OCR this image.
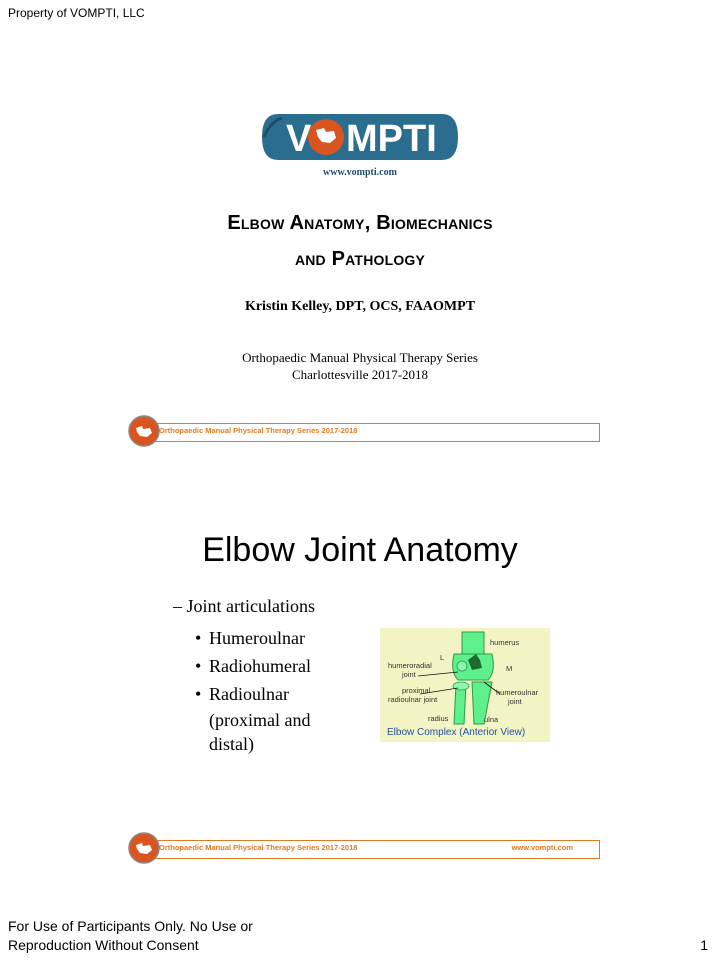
Property of VOMPTI, LLC
V MPTI
www.vompti.com
Elbow Anatomy, Biomechanics
and Pathology
Kristin Kelley, DPT, OCS, FAAOMPT
Orthopaedic Manual Physical Therapy Series
Charlottesville 2017-2018
Orthopaedic Manual Physical Therapy Series 2017-2018
Elbow Joint Anatomy
– Joint articulations
• Humeroulnar
• Radiohumeral
• Radioulnar
(proximal and
distal)
humerus
L
M
humeroradial
joint
proximal
radioulnar joint
humeroulnar
joint
radius	ulna
Elbow Complex (Anterior View)
Orthopaedic Manual Physical Therapy Series 2017-2018	www.vompti.com
For Use of Participants Only. No Use or
Reproduction Without Consent	1
